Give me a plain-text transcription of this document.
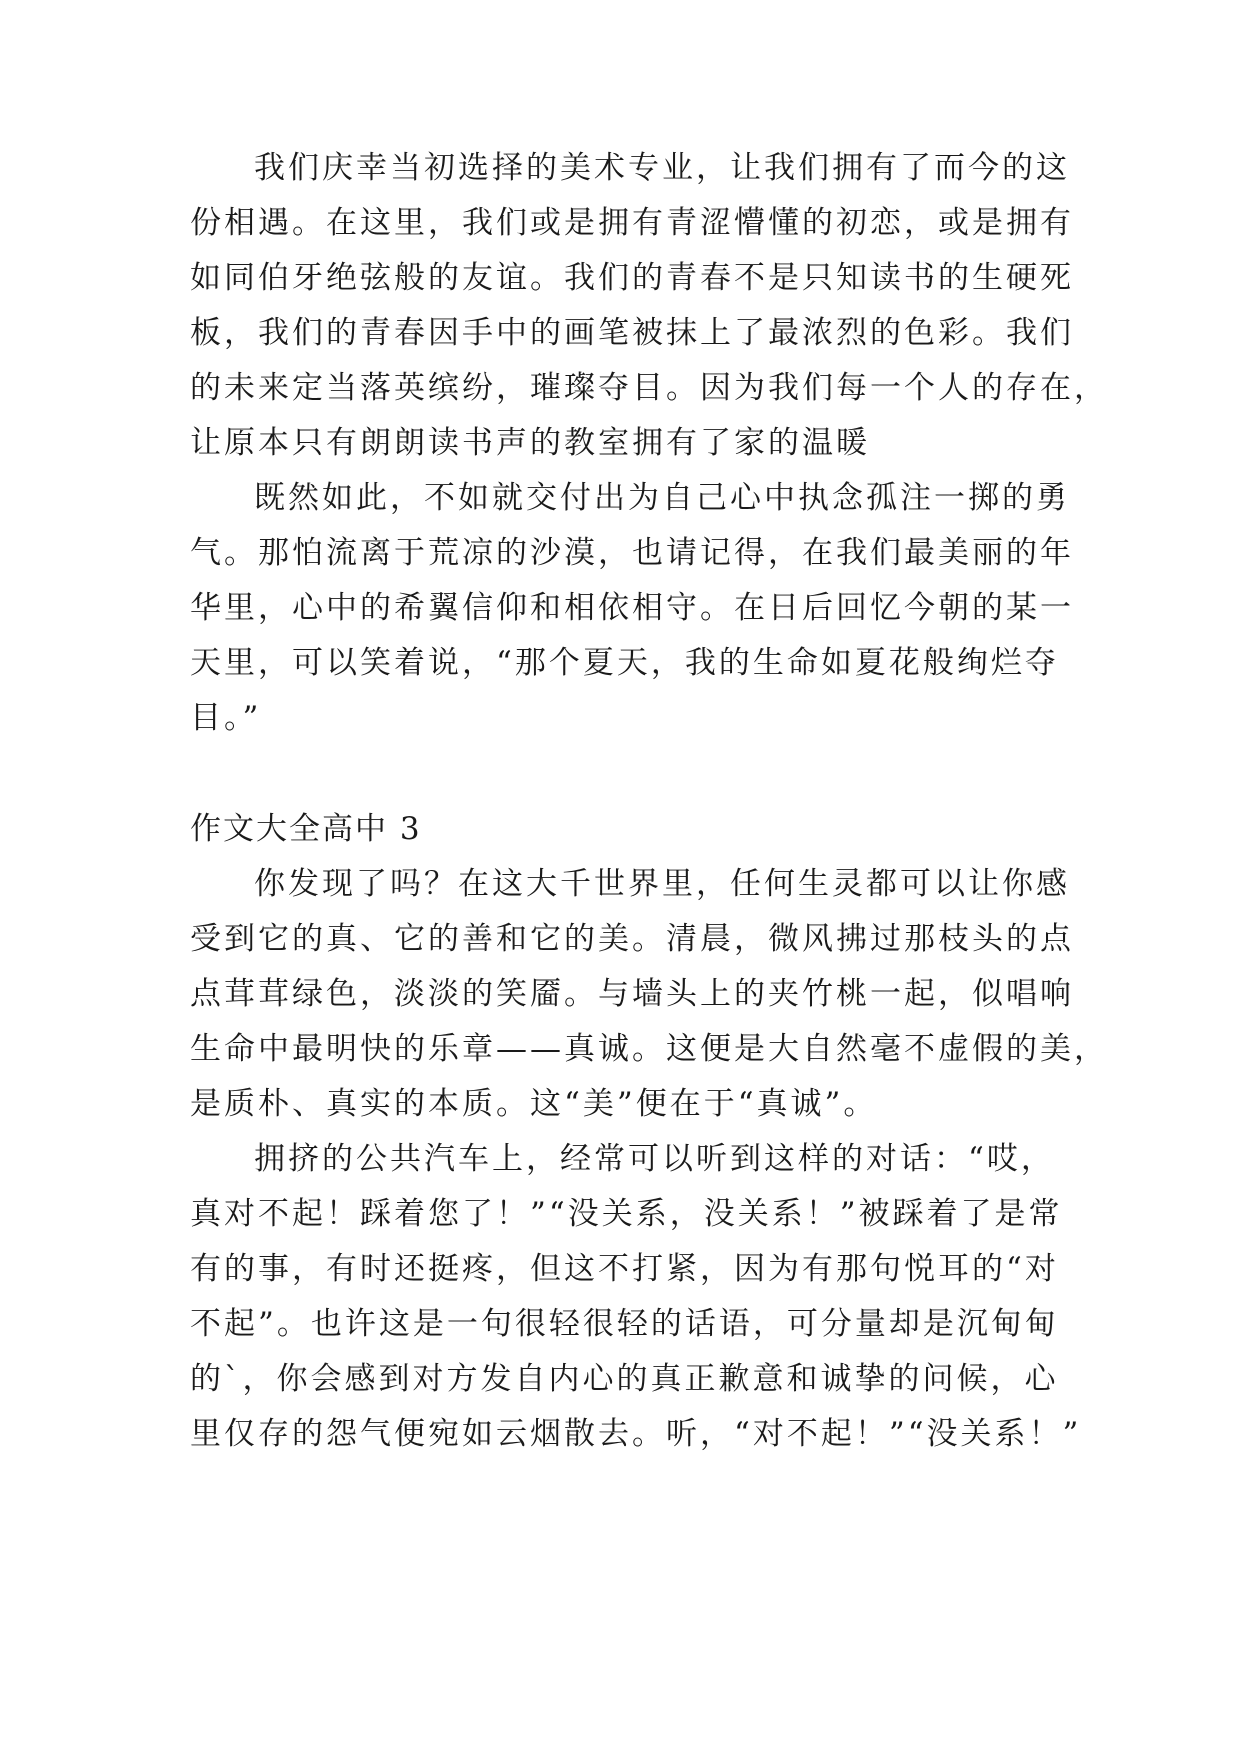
我们庆幸当初选择的美术专业，让我们拥有了而今的这
份相遇。在这里，我们或是拥有青涩懵懂的初恋，或是拥有
如同伯牙绝弦般的友谊。我们的青春不是只知读书的生硬死
板，我们的青春因手中的画笔被抹上了最浓烈的色彩。我们
的未来定当落英缤纷，璀璨夺目。因为我们每一个人的存在，
让原本只有朗朗读书声的教室拥有了家的温暖
既然如此，不如就交付出为自己心中执念孤注一掷的勇
气。那怕流离于荒凉的沙漠，也请记得，在我们最美丽的年
华里，心中的希翼信仰和相依相守。在日后回忆今朝的某一
天里，可以笑着说，“那个夏天，我的生命如夏花般绚烂夺
目。”
作文大全高中 3
你发现了吗？在这大千世界里，任何生灵都可以让你感
受到它的真、它的善和它的美。清晨，微风拂过那枝头的点
点茸茸绿色，淡淡的笑靥。与墙头上的夹竹桃一起，似唱响
生命中最明快的乐章——真诚。这便是大自然毫不虚假的美，
是质朴、真实的本质。这“美”便在于“真诚”。
拥挤的公共汽车上，经常可以听到这样的对话：“哎，
真对不起！踩着您了！”“没关系，没关系！”被踩着了是常
有的事，有时还挺疼，但这不打紧，因为有那句悦耳的“对
不起”。也许这是一句很轻很轻的话语，可分量却是沉甸甸
的`，你会感到对方发自内心的真正歉意和诚挚的问候，心
里仅存的怨气便宛如云烟散去。听，“对不起！”“没关系！”
